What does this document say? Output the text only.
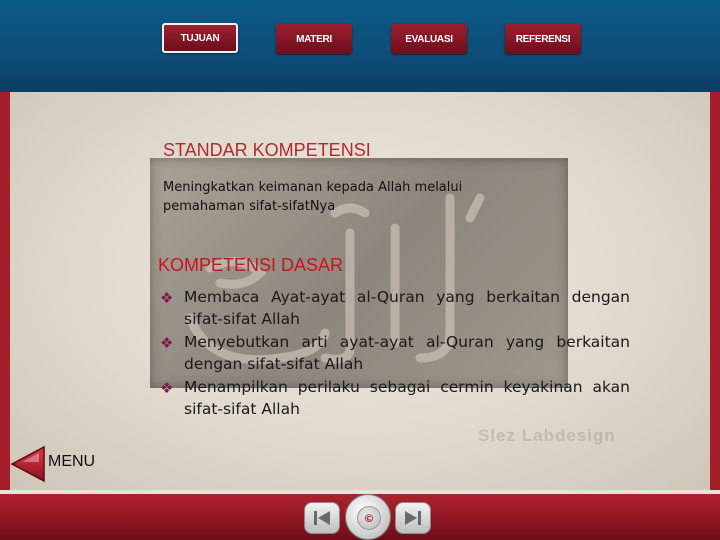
TUJUAN	MATERI	EVALUASI	REFERENSI
Slez Labdesign
STANDAR KOMPETENSI
Meningkatkan keimanan kepada Allah melalui
pemahaman sifat-sifatNya
KOMPETENSI DASAR
❖ Membaca Ayat-ayat al-Quran yang berkaitan dengan sifat-sifat Allah
❖ Menyebutkan arti ayat-ayat al-Quran yang berkaitan dengan sifat-sifat Allah
❖ Menampilkan perilaku sebagai cermin keyakinan akan sifat-sifat Allah
MENU
©
